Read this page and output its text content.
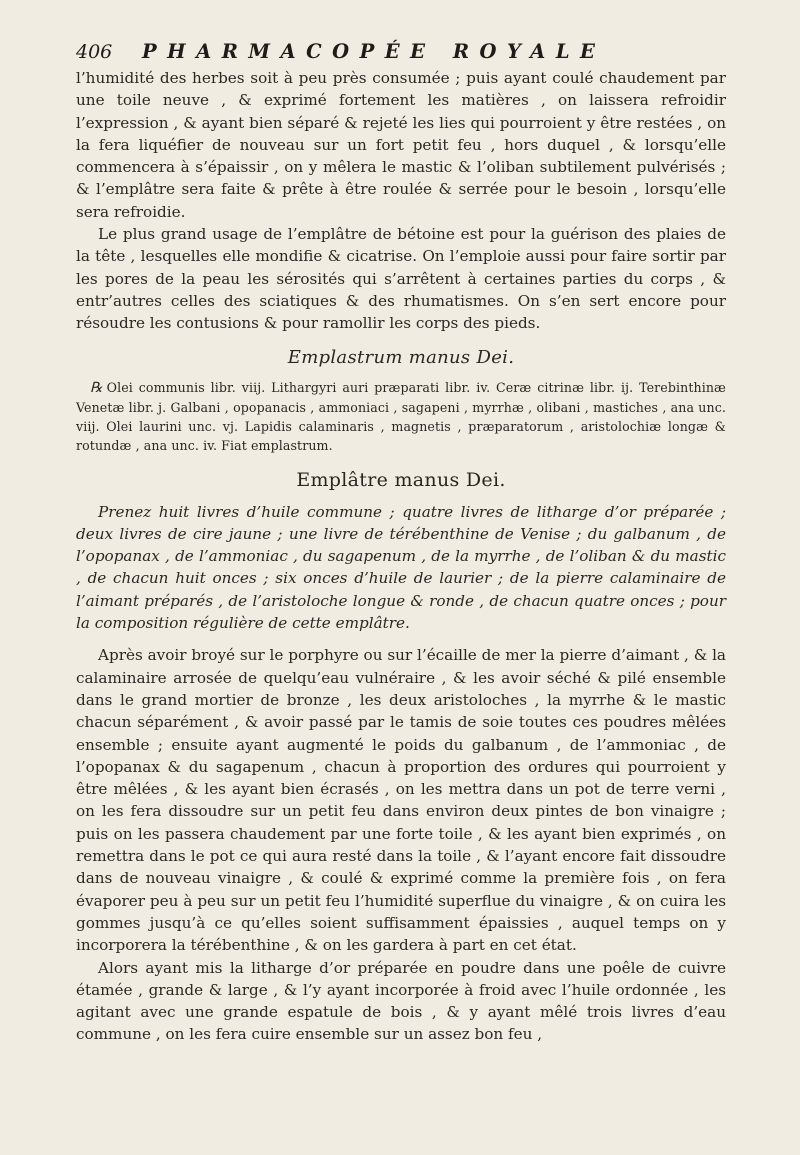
406	PHARMACOPÉE ROYALE

l’humidité des herbes soit à peu près consumée ; puis ayant coulé chaudement par une toile neuve , & exprimé fortement les matières , on laissera refroidir l’expression , & ayant bien séparé & rejeté les lies qui pourroient y être restées , on la fera liquéfier de nouveau sur un fort petit feu , hors duquel , & lorsqu’elle commencera à s’épaissir , on y mêlera le mastic & l’oliban subtilement pulvérisés ; & l’emplâtre sera faite & prête à être roulée & serrée pour le besoin , lorsqu’elle sera refroidie.

Le plus grand usage de l’emplâtre de bétoine est pour la guérison des plaies de la tête , lesquelles elle mondifie & cicatrise. On l’emploie aussi pour faire sortir par les pores de la peau les sérosités qui s’arrêtent à certaines parties du corps , & entr’autres celles des sciatiques & des rhumatismes. On s’en sert encore pour résoudre les contusions & pour ramollir les corps des pieds.

Emplastrum manus Dei.

℞ Olei communis libr. viij. Lithargyri auri præparati libr. iv. Ceræ citrinæ libr. ij. Terebinthinæ Venetæ libr. j. Galbani , opopanacis , ammoniaci , sagapeni , myrrhæ , olibani , mastiches , ana unc. viij. Olei laurini unc. vj. Lapidis calaminaris , magnetis , præparatorum , aristolochiæ longæ & rotundæ , ana unc. iv. Fiat emplastrum.

Emplâtre manus Dei.

Prenez huit livres d’huile commune ; quatre livres de litharge d’or préparée ; deux livres de cire jaune ; une livre de térébenthine de Venise ; du galbanum , de l’opopanax , de l’ammoniac , du sagapenum , de la myrrhe , de l’oliban & du mastic , de chacun huit onces ; six onces d’huile de laurier ; de la pierre calaminaire de l’aimant préparés , de l’aristoloche longue & ronde , de chacun quatre onces ; pour la composition régulière de cette emplâtre.

Après avoir broyé sur le porphyre ou sur l’écaille de mer la pierre d’aimant , & la calaminaire arrosée de quelqu’eau vulnéraire , & les avoir séché & pilé ensemble dans le grand mortier de bronze , les deux aristoloches , la myrrhe & le mastic chacun séparément , & avoir passé par le tamis de soie toutes ces poudres mêlées ensemble ; ensuite ayant augmenté le poids du galbanum , de l’ammoniac , de l’opopanax & du sagapenum , chacun à proportion des ordures qui pourroient y être mêlées , & les ayant bien écrasés , on les mettra dans un pot de terre verni , on les fera dissoudre sur un petit feu dans environ deux pintes de bon vinaigre ; puis on les passera chaudement par une forte toile , & les ayant bien exprimés , on remettra dans le pot ce qui aura resté dans la toile , & l’ayant encore fait dissoudre dans de nouveau vinaigre , & coulé & exprimé comme la première fois , on fera évaporer peu à peu sur un petit feu l’humidité superflue du vinaigre , & on cuira les gommes jusqu’à ce qu’elles soient suffisamment épaissies , auquel temps on y incorporera la térébenthine , & on les gardera à part en cet état.

Alors ayant mis la litharge d’or préparée en poudre dans une poêle de cuivre étamée , grande & large , & l’y ayant incorporée à froid avec l’huile ordonnée , les agitant avec une grande espatule de bois , & y ayant mêlé trois livres d’eau commune , on les fera cuire ensemble sur un assez bon feu ,
